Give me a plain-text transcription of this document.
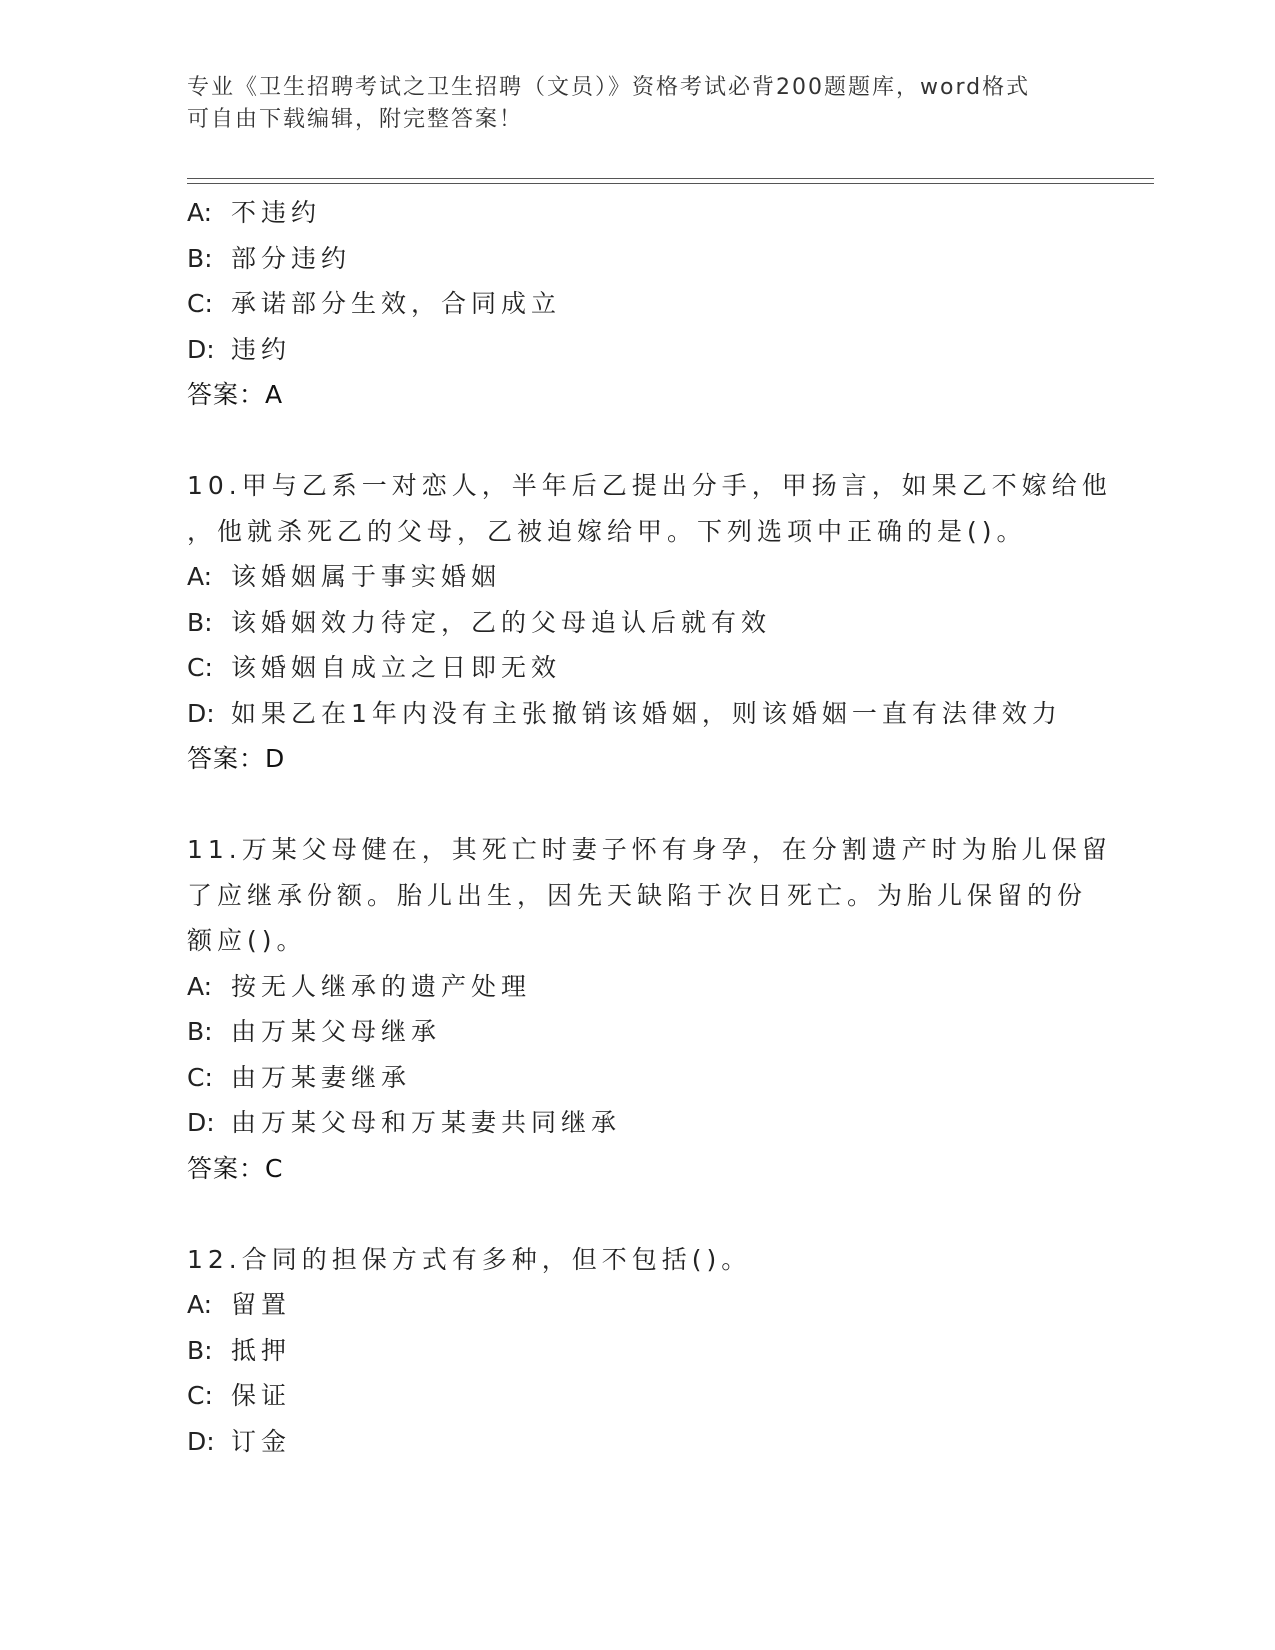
专业《卫生招聘考试之卫生招聘（文员）》资格考试必背200题题库，word格式
可自由下载编辑，附完整答案！
A: 不违约
B: 部分违约
C: 承诺部分生效，合同成立
D: 违约
答案：A
10.甲与乙系一对恋人，半年后乙提出分手，甲扬言，如果乙不嫁给他
，他就杀死乙的父母，乙被迫嫁给甲。下列选项中正确的是()。
A: 该婚姻属于事实婚姻
B: 该婚姻效力待定，乙的父母追认后就有效
C: 该婚姻自成立之日即无效
D: 如果乙在1年内没有主张撤销该婚姻，则该婚姻一直有法律效力
答案：D
11.万某父母健在，其死亡时妻子怀有身孕，在分割遗产时为胎儿保留
了应继承份额。胎儿出生，因先天缺陷于次日死亡。为胎儿保留的份
额应()。
A: 按无人继承的遗产处理
B: 由万某父母继承
C: 由万某妻继承
D: 由万某父母和万某妻共同继承
答案：C
12.合同的担保方式有多种，但不包括()。
A: 留置
B: 抵押
C: 保证
D: 订金
